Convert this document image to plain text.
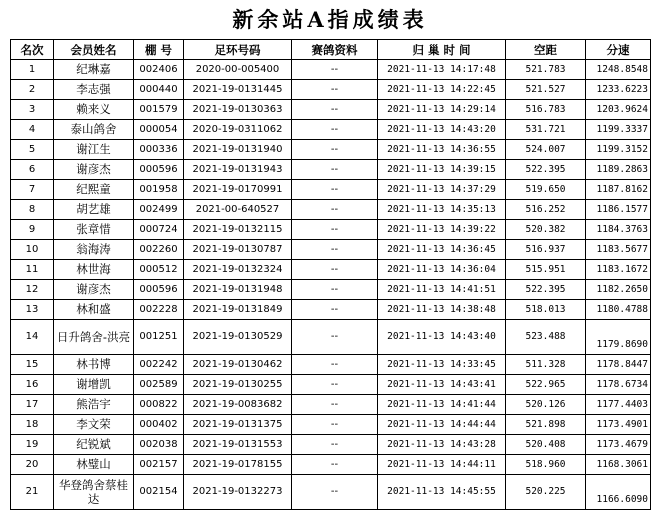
新余站A指成绩表
名次	会员姓名	棚 号	足环号码	赛鸽资料	归 巢 时 间	空距	分速
1	纪琳嘉	002406	2020-00-005400	--	2021-11-13 14:17:48	521.783	1248.8548
2	李志强	000440	2021-19-0131445	--	2021-11-13 14:22:45	521.527	1233.6223
3	赖来义	001579	2021-19-0130363	--	2021-11-13 14:29:14	516.783	1203.9624
4	泰山鸽舍	000054	2020-19-0311062	--	2021-11-13 14:43:20	531.721	1199.3337
5	谢江生	000336	2021-19-0131940	--	2021-11-13 14:36:55	524.007	1199.3152
6	谢彦杰	000596	2021-19-0131943	--	2021-11-13 14:39:15	522.395	1189.2863
7	纪熙童	001958	2021-19-0170991	--	2021-11-13 14:37:29	519.650	1187.8162
8	胡艺雄	002499	2021-00-640527	--	2021-11-13 14:35:13	516.252	1186.1577
9	张章惜	000724	2021-19-0132115	--	2021-11-13 14:39:22	520.382	1184.3763
10	翁海涛	002260	2021-19-0130787	--	2021-11-13 14:36:45	516.937	1183.5677
11	林世海	000512	2021-19-0132324	--	2021-11-13 14:36:04	515.951	1183.1672
12	谢彦杰	000596	2021-19-0131948	--	2021-11-13 14:41:51	522.395	1182.2650
13	林和盛	002228	2021-19-0131849	--	2021-11-13 14:38:48	518.013	1180.4788
14	日升鸽舍-洪亮	001251	2021-19-0130529	--	2021-11-13 14:43:40	523.488	1179.8690
15	林书博	002242	2021-19-0130462	--	2021-11-13 14:33:45	511.328	1178.8447
16	谢增凯	002589	2021-19-0130255	--	2021-11-13 14:43:41	522.965	1178.6734
17	熊浩宇	000822	2021-19-0083682	--	2021-11-13 14:41:44	520.126	1177.4403
18	李文荣	000402	2021-19-0131375	--	2021-11-13 14:44:44	521.898	1173.4901
19	纪锐斌	002038	2021-19-0131553	--	2021-11-13 14:43:28	520.408	1173.4679
20	林璧山	002157	2021-19-0178155	--	2021-11-13 14:44:11	518.960	1168.3061
21	华登鸽舍蔡桂达	002154	2021-19-0132273	--	2021-11-13 14:45:55	520.225	1166.6090
